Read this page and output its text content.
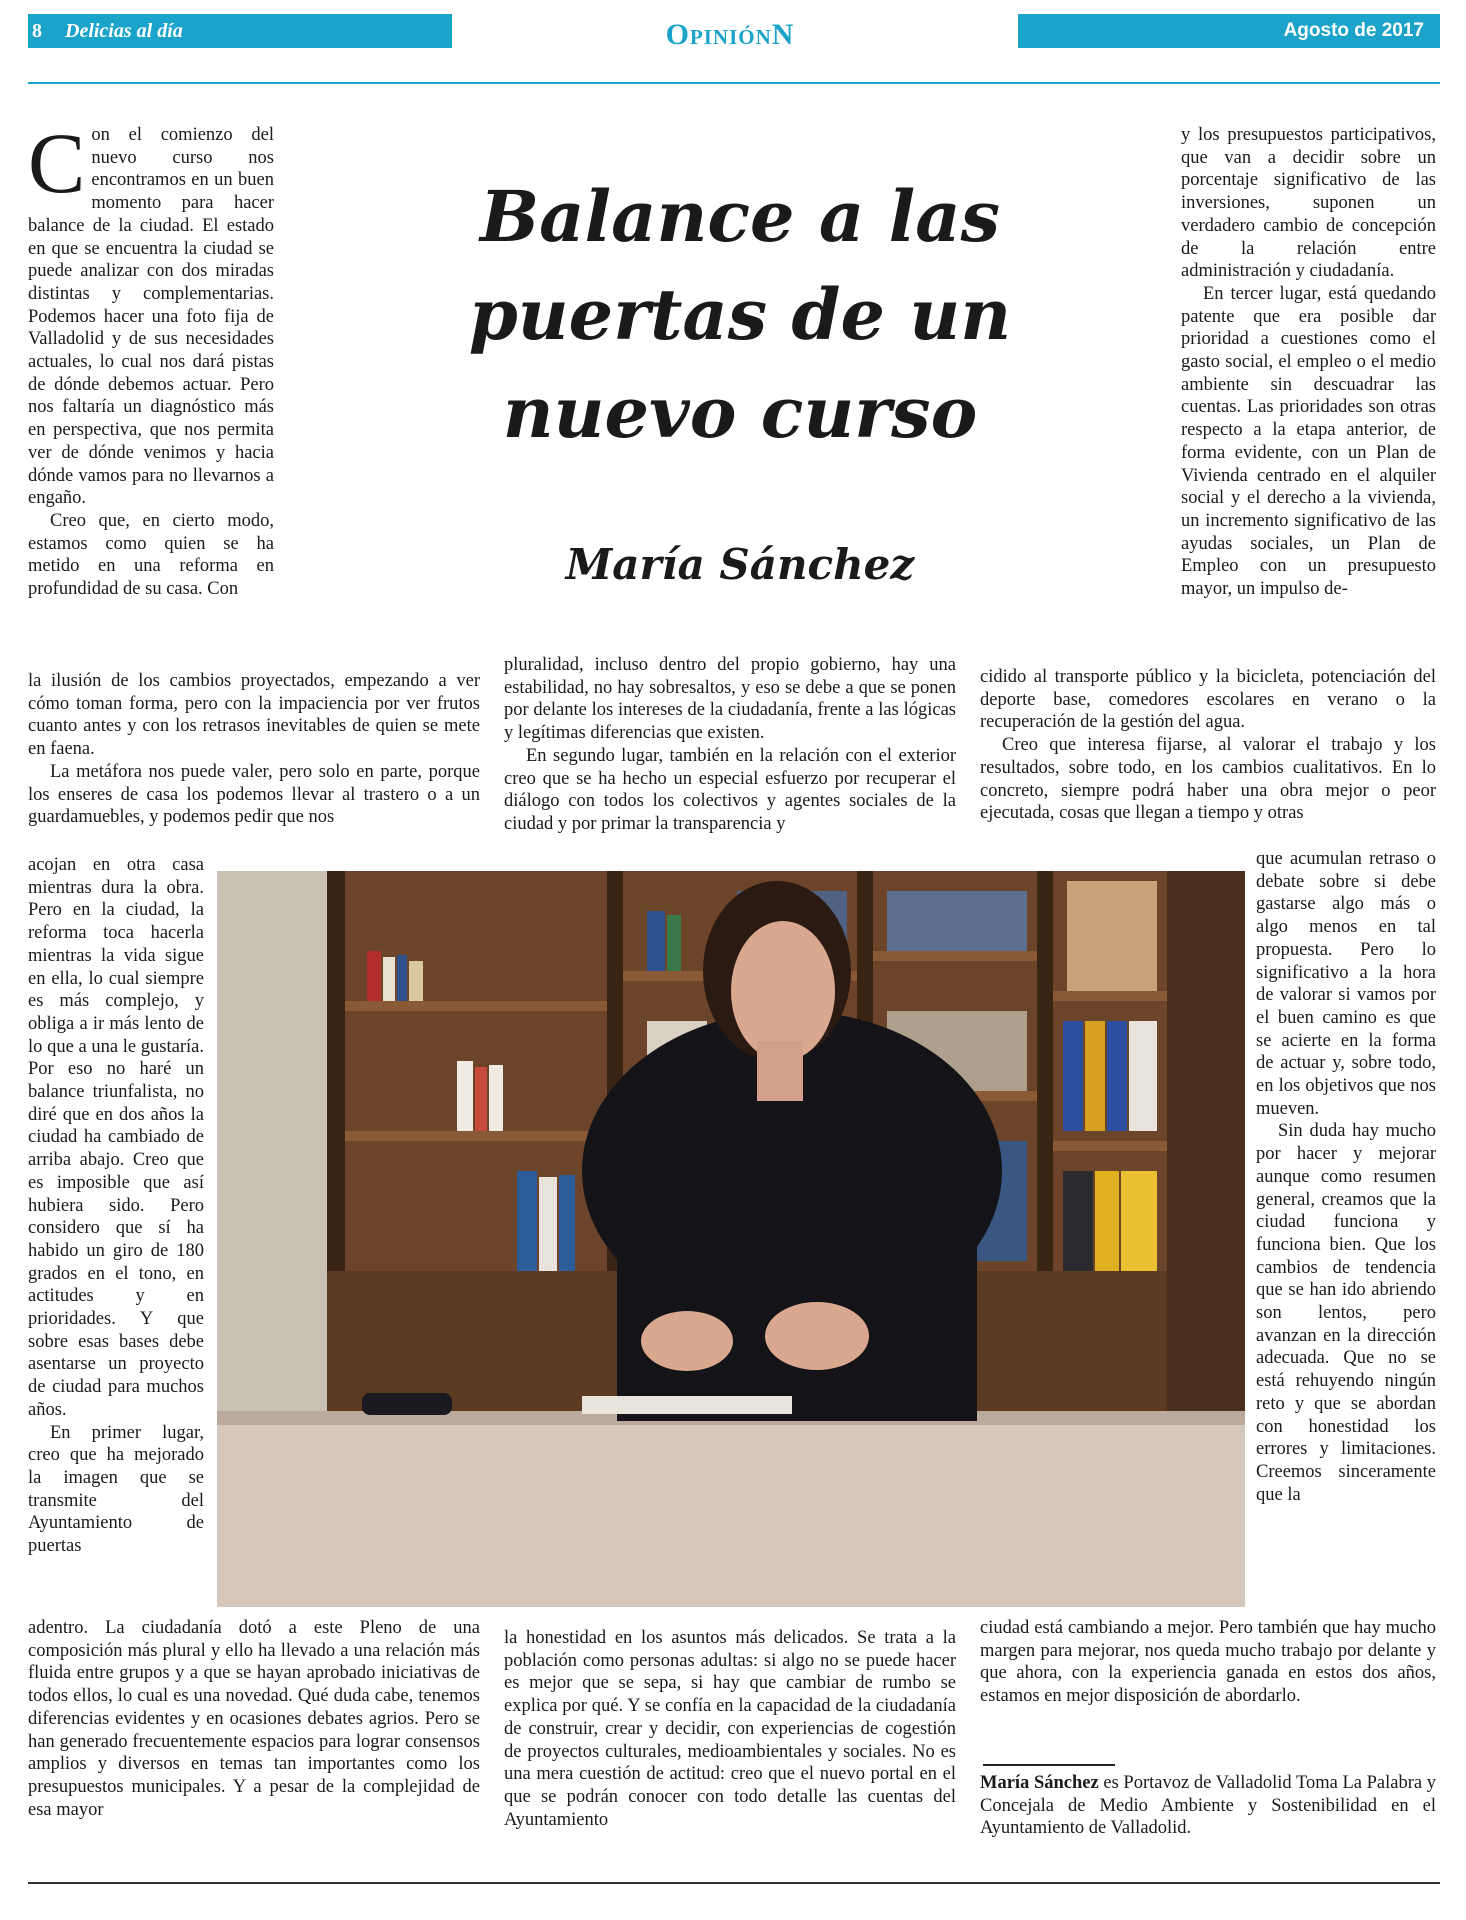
8 Delicias al día	OpiniónN	Agosto de 2017
Balance a las puertas de un nuevo curso
María Sánchez

Con el comienzo del nuevo curso nos encontramos en un buen momento para hacer balance de la ciudad. El estado en que se encuentra la ciudad se puede analizar con dos miradas distintas y complementarias. Podemos hacer una foto fija de Valladolid y de sus necesidades actuales, lo cual nos dará pistas de dónde debemos actuar. Pero nos faltaría un diagnóstico más en perspectiva, que nos permita ver de dónde venimos y hacia dónde vamos para no llevarnos a engaño.

Creo que, en cierto modo, estamos como quien se ha metido en una reforma en profundidad de su casa. Con

la ilusión de los cambios proyectados, empezando a ver cómo toman forma, pero con la impaciencia por ver frutos cuanto antes y con los retrasos inevitables de quien se mete en faena.

La metáfora nos puede valer, pero solo en parte, porque los enseres de casa los podemos llevar al trastero o a un guardamuebles, y podemos pedir que nos

acojan en otra casa mientras dura la obra. Pero en la ciudad, la reforma toca hacerla mientras la vida sigue en ella, lo cual siempre es más complejo, y obliga a ir más lento de lo que a una le gustaría. Por eso no haré un balance triunfalista, no diré que en dos años la ciudad ha cambiado de arriba abajo. Creo que es imposible que así hubiera sido. Pero considero que sí ha habido un giro de 180 grados en el tono, en actitudes y en prioridades. Y que sobre esas bases debe asentarse un proyecto de ciudad para muchos años.

En primer lugar, creo que ha mejorado la imagen que se transmite del Ayuntamiento de puertas

adentro. La ciudadanía dotó a este Pleno de una composición más plural y ello ha llevado a una relación más fluida entre grupos y a que se hayan aprobado iniciativas de todos ellos, lo cual es una novedad. Qué duda cabe, tenemos diferencias evidentes y en ocasiones debates agrios. Pero se han generado frecuentemente espacios para lograr consensos amplios y diversos en temas tan importantes como los presupuestos municipales. Y a pesar de la complejidad de esa mayor

pluralidad, incluso dentro del propio gobierno, hay una estabilidad, no hay sobresaltos, y eso se debe a que se ponen por delante los intereses de la ciudadanía, frente a las lógicas y legítimas diferencias que existen.

En segundo lugar, también en la relación con el exterior creo que se ha hecho un especial esfuerzo por recuperar el diálogo con todos los colectivos y agentes sociales de la ciudad y por primar la transparencia y

la honestidad en los asuntos más delicados. Se trata a la población como personas adultas: si algo no se puede hacer es mejor que se sepa, si hay que cambiar de rumbo se explica por qué. Y se confía en la capacidad de la ciudadanía de construir, crear y decidir, con experiencias de cogestión de proyectos culturales, medioambientales y sociales. No es una mera cuestión de actitud: creo que el nuevo portal en el que se podrán conocer con todo detalle las cuentas del Ayuntamiento

y los presupuestos participativos, que van a decidir sobre un porcentaje significativo de las inversiones, suponen un verdadero cambio de concepción de la relación entre administración y ciudadanía.

En tercer lugar, está quedando patente que era posible dar prioridad a cuestiones como el gasto social, el empleo o el medio ambiente sin descuadrar las cuentas. Las prioridades son otras respecto a la etapa anterior, de forma evidente, con un Plan de Vivienda centrado en el alquiler social y el derecho a la vivienda, un incremento significativo de las ayudas sociales, un Plan de Empleo con un presupuesto mayor, un impulso de-

cidido al transporte público y la bicicleta, potenciación del deporte base, comedores escolares en verano o la recuperación de la gestión del agua.

Creo que interesa fijarse, al valorar el trabajo y los resultados, sobre todo, en los cambios cualitativos. En lo concreto, siempre podrá haber una obra mejor o peor ejecutada, cosas que llegan a tiempo y otras

que acumulan retraso o debate sobre si debe gastarse algo más o algo menos en tal propuesta. Pero lo significativo a la hora de valorar si vamos por el buen camino es que se acierte en la forma de actuar y, sobre todo, en los objetivos que nos mueven.

Sin duda hay mucho por hacer y mejorar aunque como resumen general, creamos que la ciudad funciona y funciona bien. Que los cambios de tendencia que se han ido abriendo son lentos, pero avanzan en la dirección adecuada. Que no se está rehuyendo ningún reto y que se abordan con honestidad los errores y limitaciones. Creemos sinceramente que la

ciudad está cambiando a mejor. Pero también que hay mucho margen para mejorar, nos queda mucho trabajo por delante y que ahora, con la experiencia ganada en estos dos años, estamos en mejor disposición de abordarlo.

María Sánchez es Portavoz de Valladolid Toma La Palabra y Concejala de Medio Ambiente y Sostenibilidad en el Ayuntamiento de Valladolid.
